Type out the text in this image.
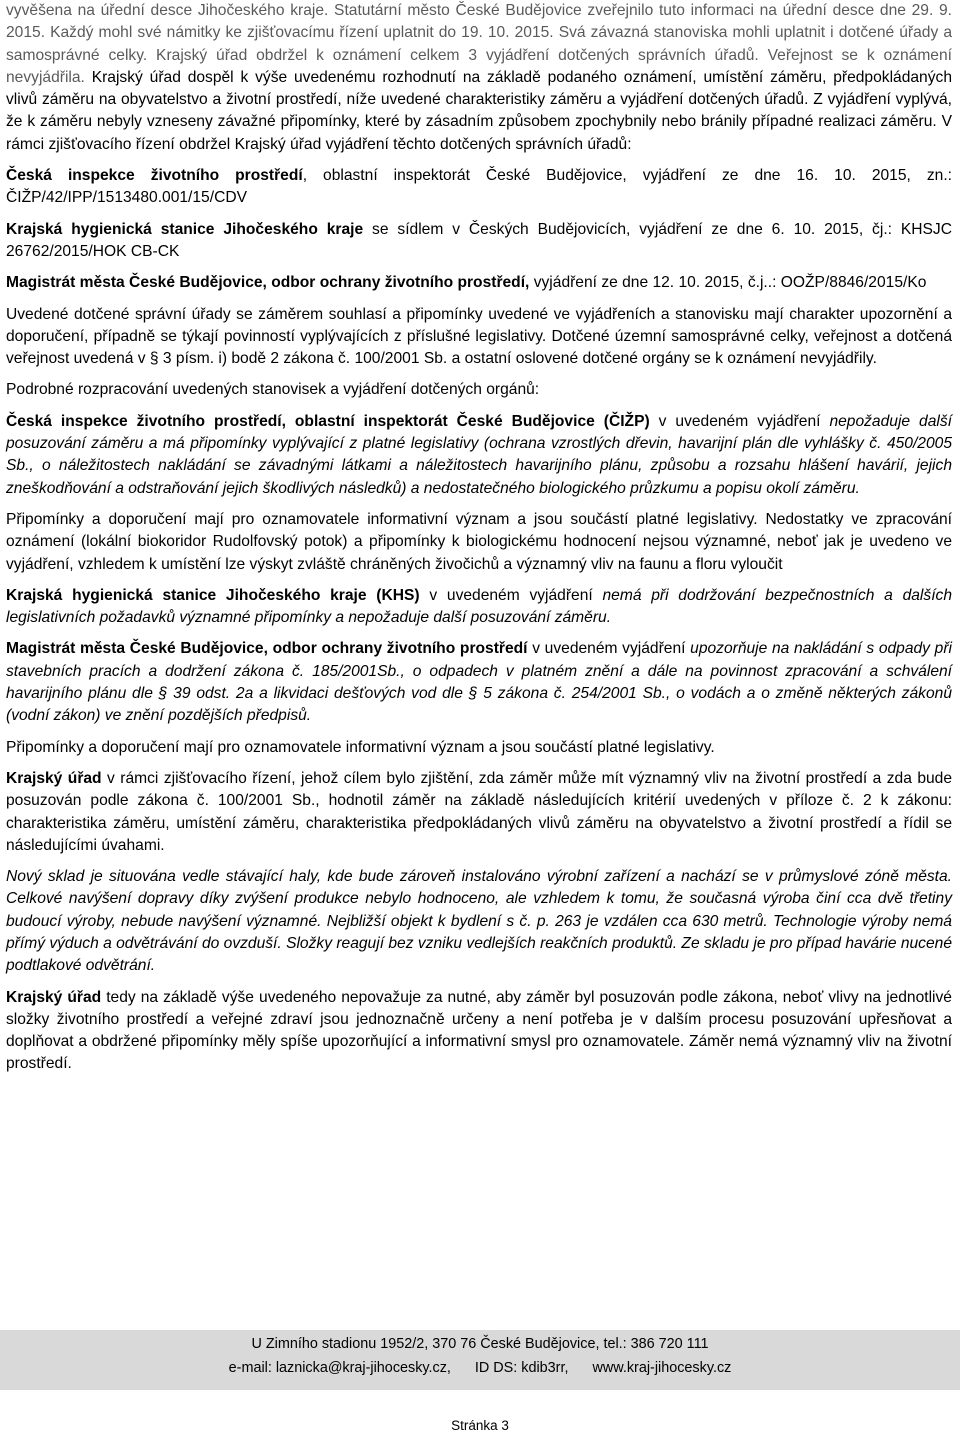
vyvěšena na úřední desce Jihočeského kraje. Statutární město České Budějovice zveřejnilo tuto informaci na úřední desce dne 29. 9. 2015. Každý mohl své námitky ke zjišťovacímu řízení uplatnit do 19. 10. 2015. Svá závazná stanoviska mohli uplatnit i dotčené úřady a samosprávné celky. Krajský úřad obdržel k oznámení celkem 3 vyjádření dotčených správních úřadů. Veřejnost se k oznámení nevyjádřila. Krajský úřad dospěl k výše uvedenému rozhodnutí na základě podaného oznámení, umístění záměru, předpokládaných vlivů záměru na obyvatelstvo a životní prostředí, níže uvedené charakteristiky záměru a vyjádření dotčených úřadů. Z vyjádření vyplývá, že k záměru nebyly vzneseny závažné připomínky, které by zásadním způsobem zpochybnily nebo bránily případné realizaci záměru. V rámci zjišťovacího řízení obdržel Krajský úřad vyjádření těchto dotčených správních úřadů:

Česká inspekce životního prostředí, oblastní inspektorát České Budějovice, vyjádření ze dne 16. 10. 2015, zn.: ČIŽP/42/IPP/1513480.001/15/CDV

Krajská hygienická stanice Jihočeského kraje se sídlem v Českých Budějovicích, vyjádření ze dne 6. 10. 2015, čj.: KHSJC 26762/2015/HOK CB-CK

Magistrát města České Budějovice, odbor ochrany životního prostředí, vyjádření ze dne 12. 10. 2015, č.j..: OOŽP/8846/2015/Ko

Uvedené dotčené správní úřady se záměrem souhlasí a připomínky uvedené ve vyjádřeních a stanovisku mají charakter upozornění a doporučení, případně se týkají povinností vyplývajících z příslušné legislativy. Dotčené územní samosprávné celky, veřejnost a dotčená veřejnost uvedená v § 3 písm. i) bodě 2 zákona č. 100/2001 Sb. a ostatní oslovené dotčené orgány se k oznámení nevyjádřily.

Podrobné rozpracování uvedených stanovisek a vyjádření dotčených orgánů:

Česká inspekce životního prostředí, oblastní inspektorát České Budějovice (ČIŽP) v uvedeném vyjádření nepožaduje další posuzování záměru a má připomínky vyplývající z platné legislativy (ochrana vzrostlých dřevin, havarijní plán dle vyhlášky č. 450/2005 Sb., o náležitostech nakládání se závadnými látkami a náležitostech havarijního plánu, způsobu a rozsahu hlášení havárií, jejich zneškodňování a odstraňování jejich škodlivých následků) a nedostatečného biologického průzkumu a popisu okolí záměru.

Připomínky a doporučení mají pro oznamovatele informativní význam a jsou součástí platné legislativy. Nedostatky ve zpracování oznámení (lokální biokoridor Rudolfovský potok) a připomínky k biologickému hodnocení nejsou významné, neboť jak je uvedeno ve vyjádření, vzhledem k umístění lze výskyt zvláště chráněných živočichů a významný vliv na faunu a floru vyloučit

Krajská hygienická stanice Jihočeského kraje (KHS) v uvedeném vyjádření nemá při dodržování bezpečnostních a dalších legislativních požadavků významné připomínky a nepožaduje další posuzování záměru.

Magistrát města České Budějovice, odbor ochrany životního prostředí v uvedeném vyjádření upozorňuje na nakládání s odpady při stavebních pracích a dodržení zákona č. 185/2001Sb., o odpadech v platném znění a dále na povinnost zpracování a schválení havarijního plánu dle § 39 odst. 2a a likvidaci dešťových vod dle § 5 zákona č. 254/2001 Sb., o vodách a o změně některých zákonů (vodní zákon) ve znění pozdějších předpisů.

Připomínky a doporučení mají pro oznamovatele informativní význam a jsou součástí platné legislativy.

Krajský úřad v rámci zjišťovacího řízení, jehož cílem bylo zjištění, zda záměr může mít významný vliv na životní prostředí a zda bude posuzován podle zákona č. 100/2001 Sb., hodnotil záměr na základě následujících kritérií uvedených v příloze č. 2 k zákonu: charakteristika záměru, umístění záměru, charakteristika předpokládaných vlivů záměru na obyvatelstvo a životní prostředí a řídil se následujícími úvahami.

Nový sklad je situována vedle stávající haly, kde bude zároveň instalováno výrobní zařízení a nachází se v průmyslové zóně města. Celkové navýšení dopravy díky zvýšení produkce nebylo hodnoceno, ale vzhledem k tomu, že současná výroba činí cca dvě třetiny budoucí výroby, nebude navýšení významné. Nejbližší objekt k bydlení s č. p. 263 je vzdálen cca 630 metrů. Technologie výroby nemá přímý výduch a odvětrávání do ovzduší. Složky reagují bez vzniku vedlejších reakčních produktů. Ze skladu je pro případ havárie nucené podtlakové odvětrání.

Krajský úřad tedy na základě výše uvedeného nepovažuje za nutné, aby záměr byl posuzován podle zákona, neboť vlivy na jednotlivé složky životního prostředí a veřejné zdraví jsou jednoznačně určeny a není potřeba je v dalším procesu posuzování upřesňovat a doplňovat a obdržené připomínky měly spíše upozorňující a informativní smysl pro oznamovatele. Záměr nemá významný vliv na životní prostředí.

U Zimního stadionu 1952/2, 370 76 České Budějovice, tel.: 386 720 111
e-mail: laznicka@kraj-jihocesky.cz,      ID DS: kdib3rr,      www.kraj-jihocesky.cz
Stránka 3
